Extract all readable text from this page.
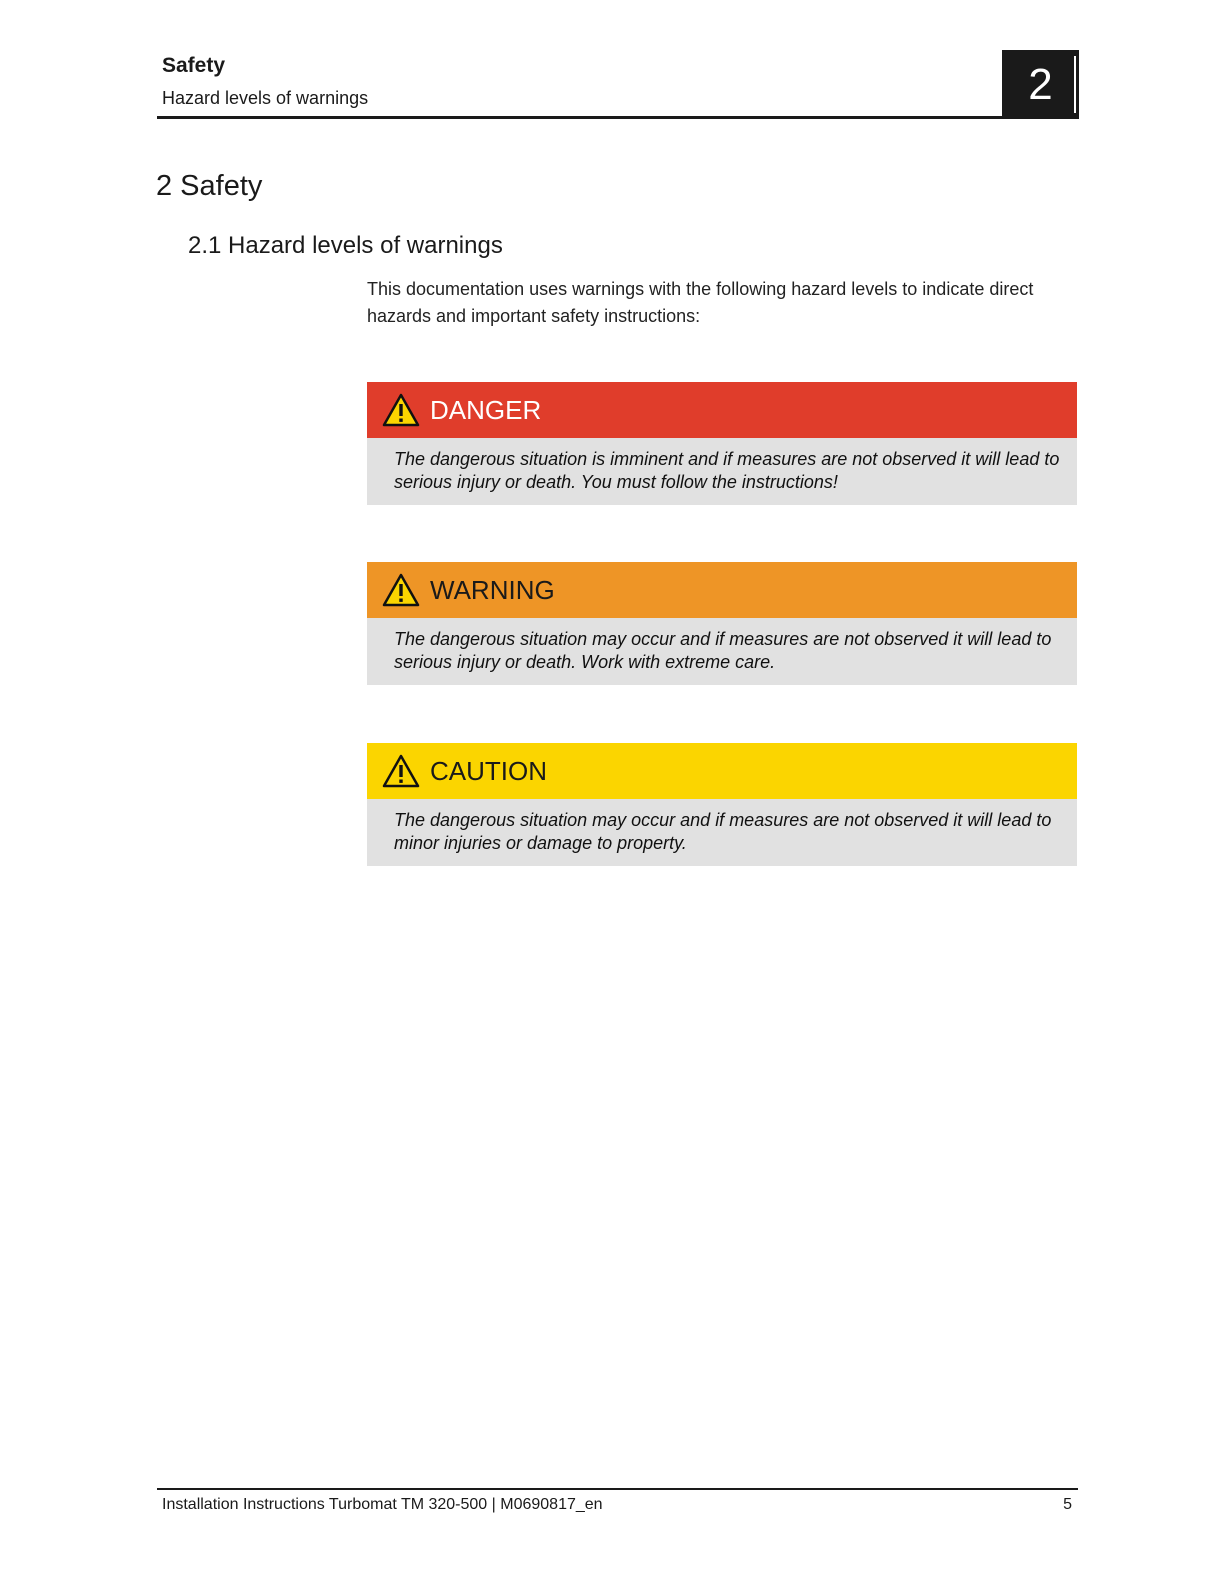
Safety
Hazard levels of warnings	2
2 Safety
2.1 Hazard levels of warnings
This documentation uses warnings with the following hazard levels to indicate direct hazards and important safety instructions:
DANGER
The dangerous situation is imminent and if measures are not observed it will lead to serious injury or death. You must follow the instructions!
WARNING
The dangerous situation may occur and if measures are not observed it will lead to serious injury or death. Work with extreme care.
CAUTION
The dangerous situation may occur and if measures are not observed it will lead to minor injuries or damage to property.
Installation Instructions Turbomat TM 320-500 | M0690817_en	5
